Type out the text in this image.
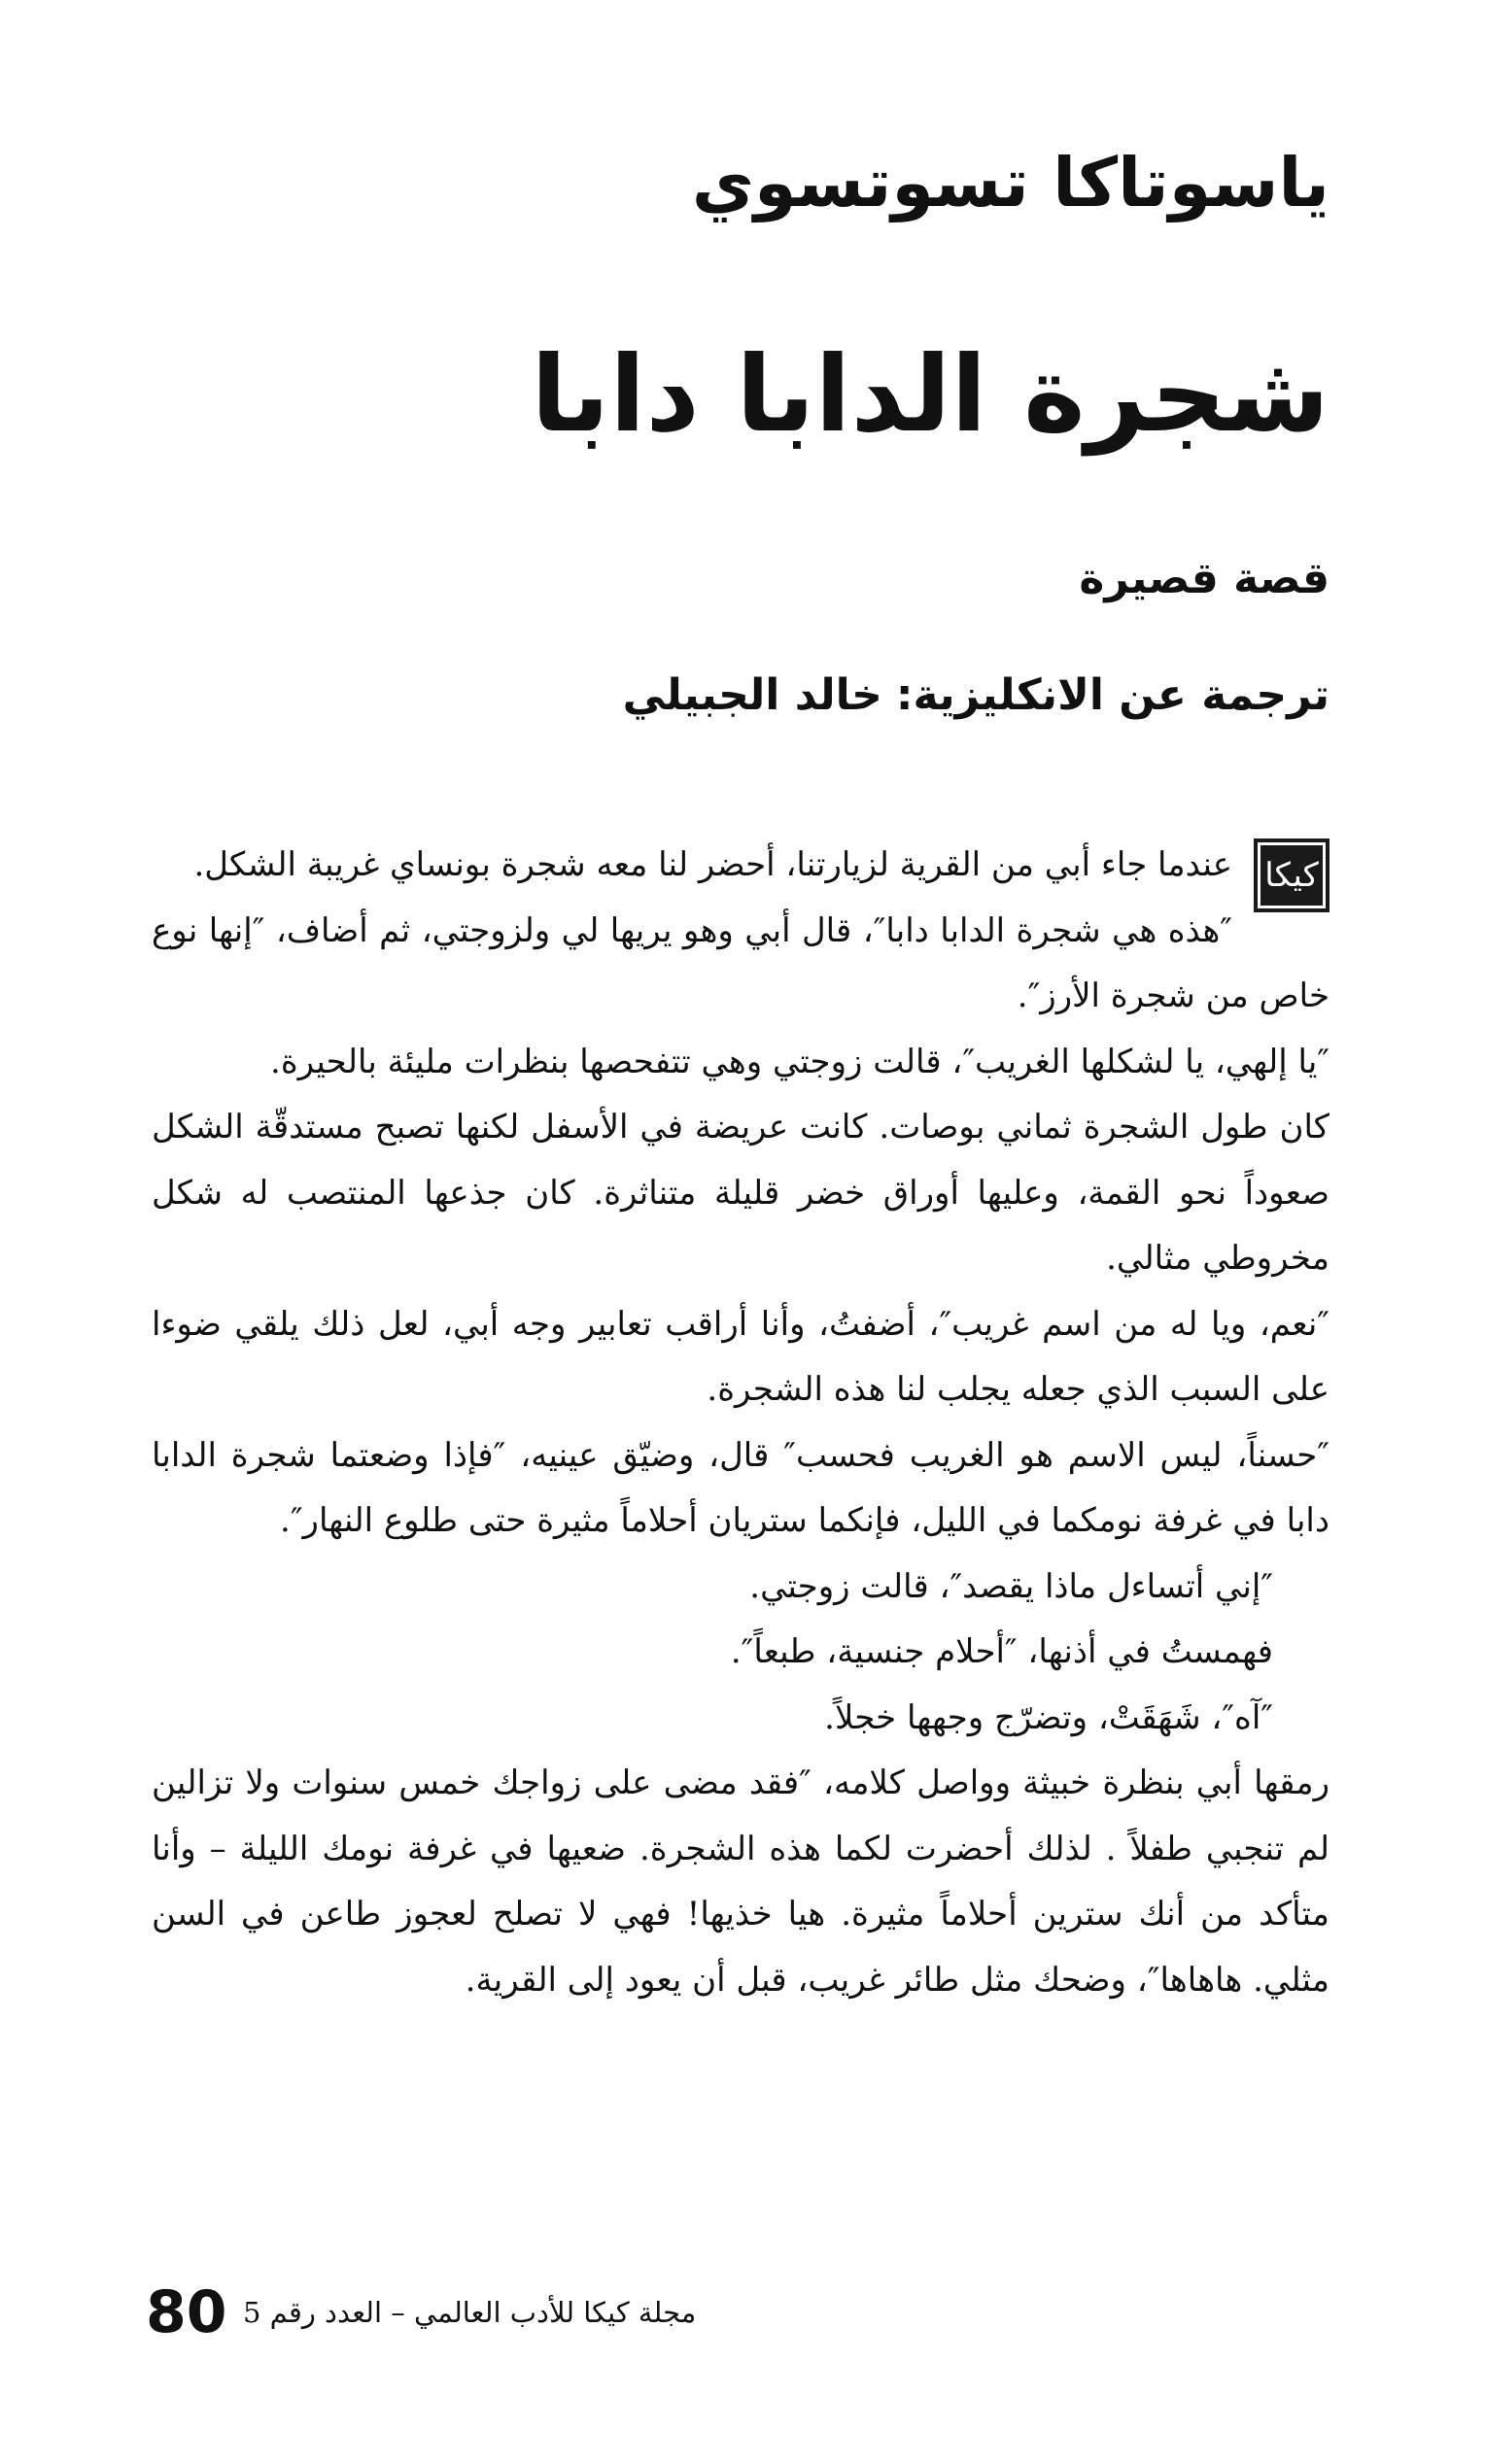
ياسوتاكا تسوتسوي
شجرة الدابا دابا
قصة قصيرة
ترجمة عن الانكليزية:خالد الجبيلي
كيكا

عندما جاء أبي من القرية لزيارتنا، أحضر لنا معه شجرة بونساي غريبة الشكل.

″هذه هي شجرة الدابا دابا″، قال أبي وهو يريها لي ولزوجتي، ثم أضاف، ″إنها نوع خاص من شجرة الأرز″.

″يا إلهي، يا لشكلها الغريب″، قالت زوجتي وهي تتفحصها بنظرات مليئة بالحيرة.

كان طول الشجرة ثماني بوصات. كانت عريضة في الأسفل لكنها تصبح مستدقّة الشكل صعوداً نحو القمة، وعليها أوراق خضر قليلة متناثرة. كان جذعها المنتصب له شكل مخروطي مثالي.

″نعم، ويا له من اسم غريب″، أضفتُ، وأنا أراقب تعابير وجه أبي، لعل ذلك يلقي ضوءا على السبب الذي جعله يجلب لنا هذه الشجرة.

″حسناً، ليس الاسم هو الغريب فحسب″ قال، وضيّق عينيه، ″فإذا وضعتما شجرة الدابا دابا في غرفة نومكما في الليل، فإنكما ستريان أحلاماً مثيرة حتى طلوع النهار″.

″إني أتساءل ماذا يقصد″، قالت زوجتي.

فهمستُ في أذنها، ″أحلام جنسية، طبعاً″.

″آه″، شَهَقَتْ، وتضرّج وجهها خجلاً.

رمقها أبي بنظرة خبيثة وواصل كلامه، ″فقد مضى على زواجك خمس سنوات ولا تزالين لم تنجبي طفلاً . لذلك أحضرت لكما هذه الشجرة. ضعيها في غرفة نومك الليلة – وأنا متأكد من أنك سترين أحلاماً مثيرة. هيا خذيها! فهي لا تصلح لعجوز طاعن في السن مثلي. هاهاها″، وضحك مثل طائر غريب، قبل أن يعود إلى القرية.

80 مجلة كيكا للأدب العالمي – العدد رقم 5
